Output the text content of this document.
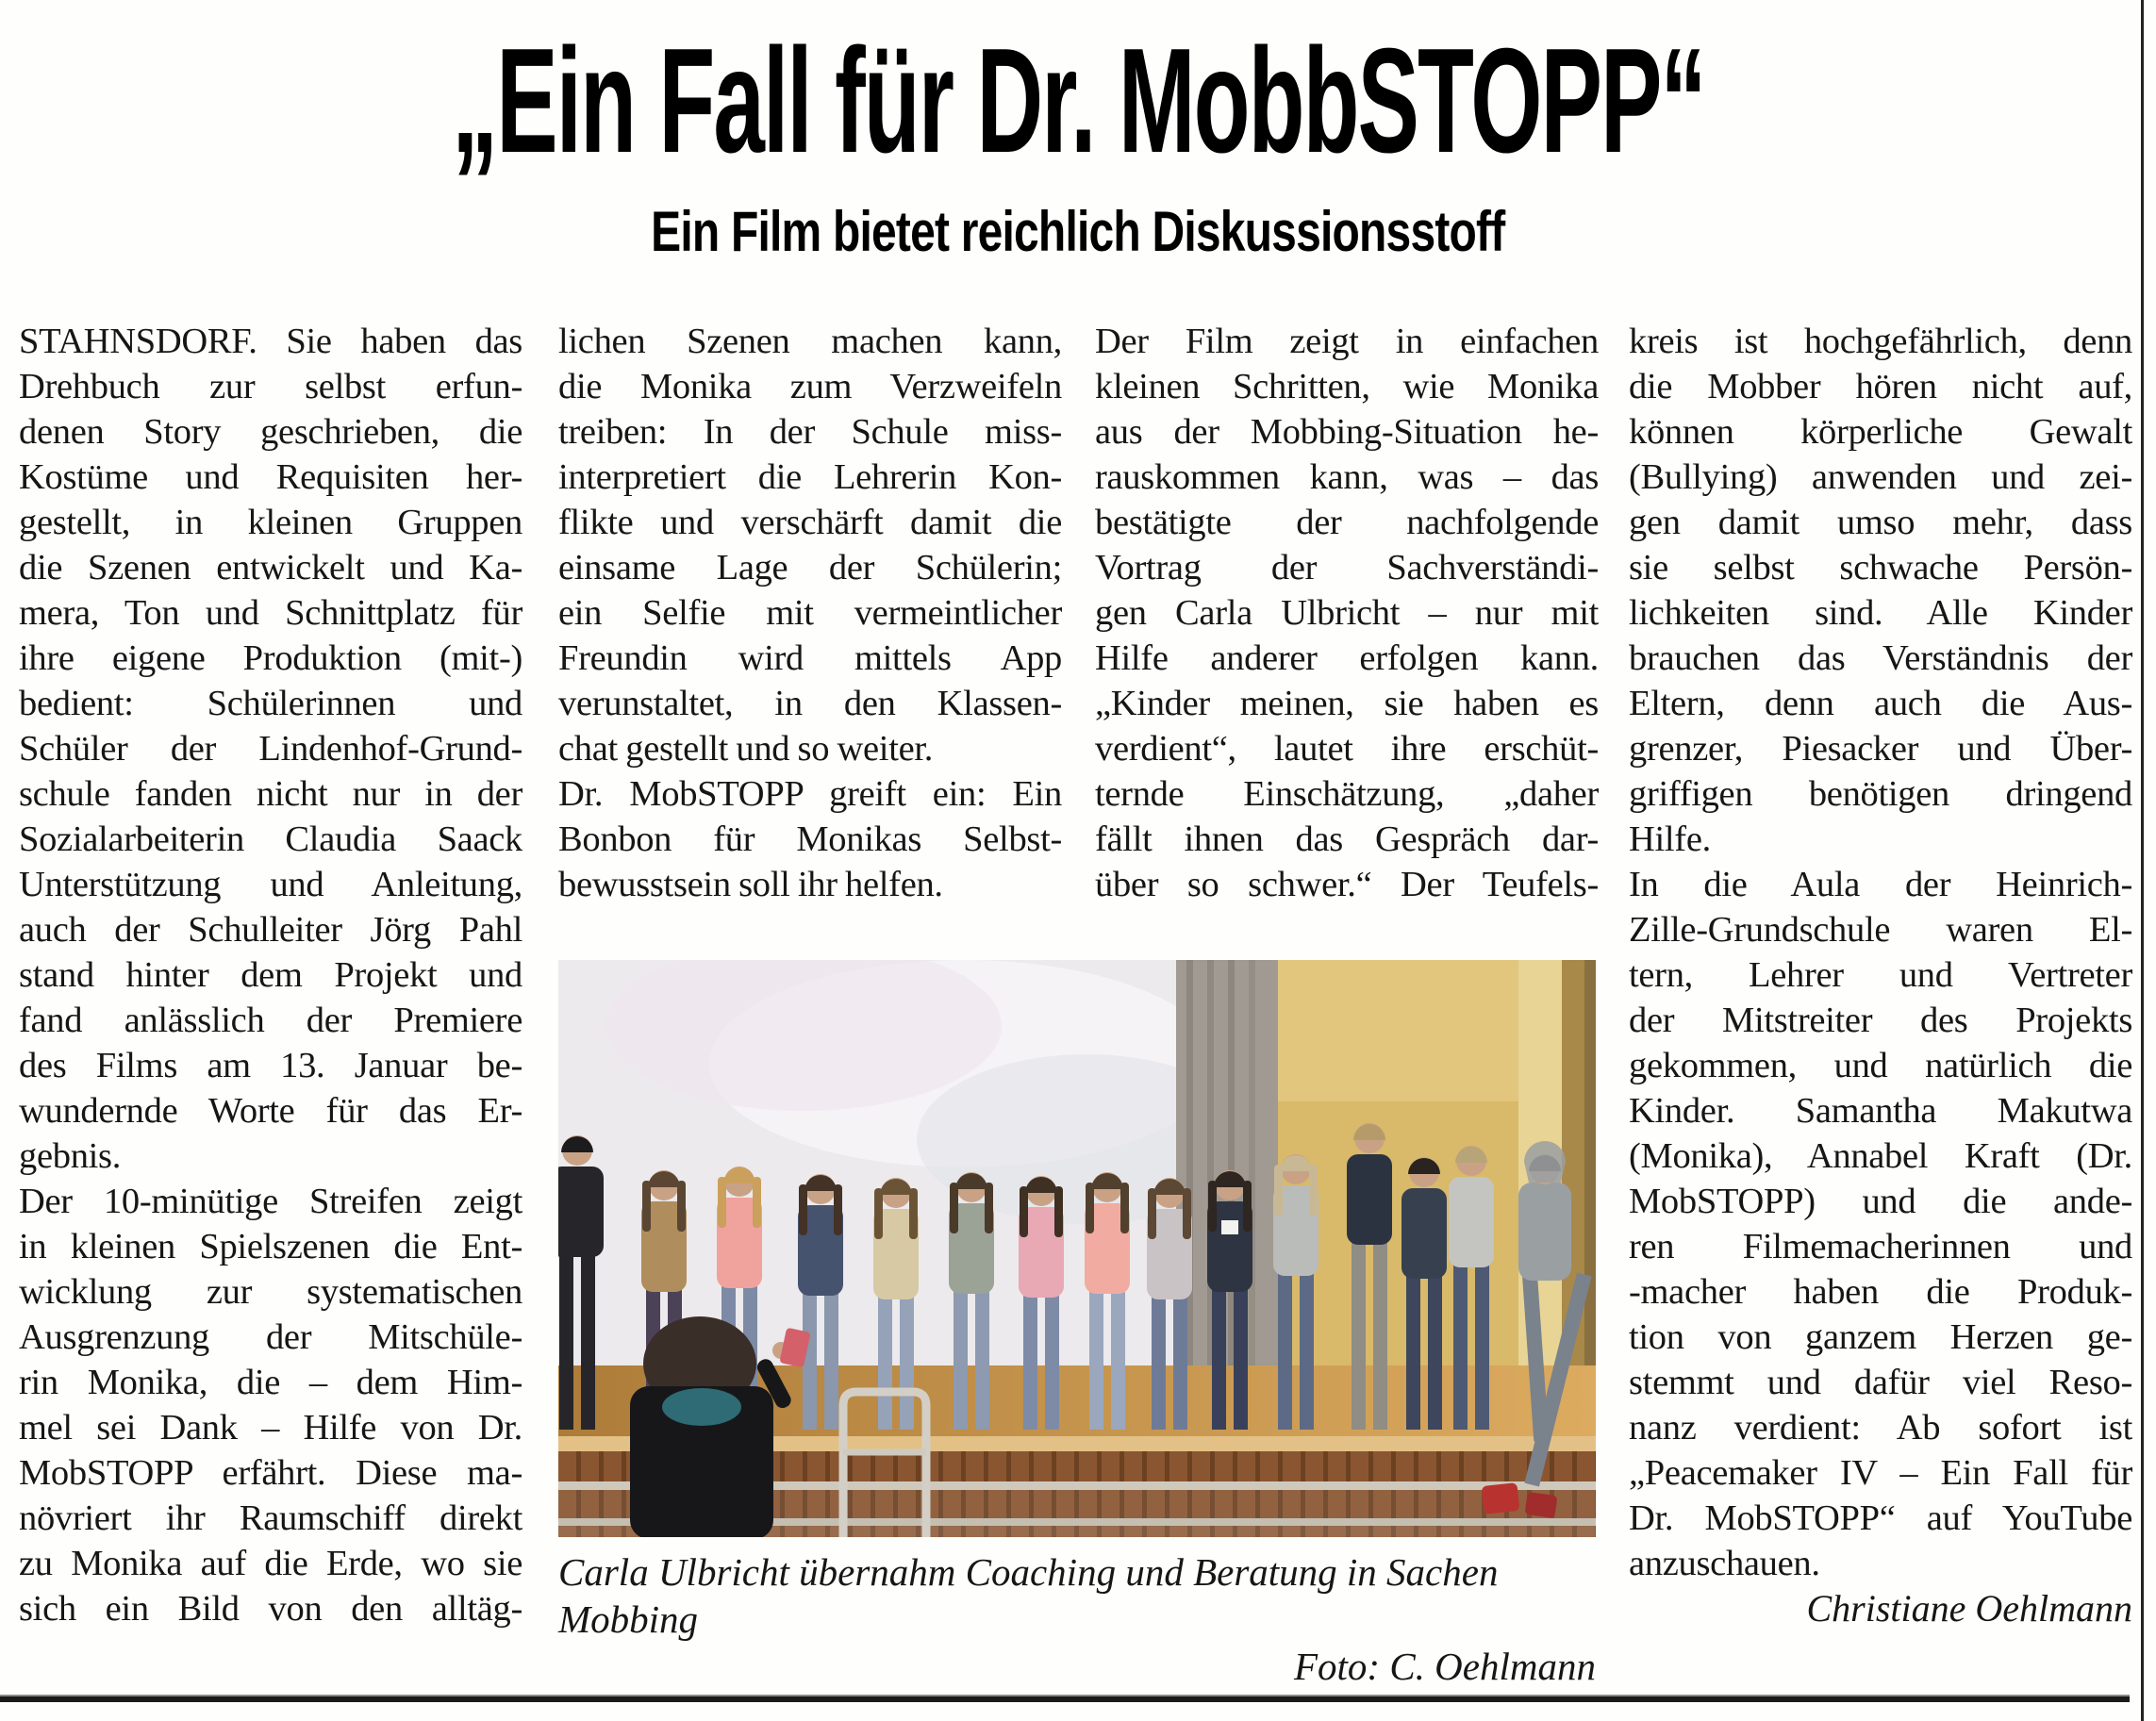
„Ein Fall für Dr. MobbSTOPP“
Ein Film bietet reichlich Diskussionsstoff
STAHNSDORF. Sie haben das
Drehbuch zur selbst erfun-
denen Story geschrieben, die
Kostüme und Requisiten her-
gestellt, in kleinen Gruppen
die Szenen entwickelt und Ka-
mera, Ton und Schnittplatz für
ihre eigene Produktion (mit-)
bedient: Schülerinnen und
Schüler der Lindenhof-Grund-
schule fanden nicht nur in der
Sozialarbeiterin Claudia Saack
Unterstützung und Anleitung,
auch der Schulleiter Jörg Pahl
stand hinter dem Projekt und
fand anlässlich der Premiere
des Films am 13. Januar be-
wundernde Worte für das Er-
gebnis.
Der 10-minütige Streifen zeigt
in kleinen Spielszenen die Ent-
wicklung zur systematischen
Ausgrenzung der Mitschüle-
rin Monika, die – dem Him-
mel sei Dank – Hilfe von Dr.
MobSTOPP erfährt. Diese ma-
növriert ihr Raumschiff direkt
zu Monika auf die Erde, wo sie
sich ein Bild von den alltäg-
lichen Szenen machen kann,
die Monika zum Verzweifeln
treiben: In der Schule miss-
interpretiert die Lehrerin Kon-
flikte und verschärft damit die
einsame Lage der Schülerin;
ein Selfie mit vermeintlicher
Freundin wird mittels App
verunstaltet, in den Klassen-
chat gestellt und so weiter.
Dr. MobSTOPP greift ein: Ein
Bonbon für Monikas Selbst-
bewusstsein soll ihr helfen.
Der Film zeigt in einfachen
kleinen Schritten, wie Monika
aus der Mobbing-Situation he-
rauskommen kann, was – das
bestätigte der nachfolgende
Vortrag der Sachverständi-
gen Carla Ulbricht – nur mit
Hilfe anderer erfolgen kann.
„Kinder meinen, sie haben es
verdient“, lautet ihre erschüt-
ternde Einschätzung, „daher
fällt ihnen das Gespräch dar-
über so schwer.“ Der Teufels-
kreis ist hochgefährlich, denn
die Mobber hören nicht auf,
können körperliche Gewalt
(Bullying) anwenden und zei-
gen damit umso mehr, dass
sie selbst schwache Persön-
lichkeiten sind. Alle Kinder
brauchen das Verständnis der
Eltern, denn auch die Aus-
grenzer, Piesacker und Über-
griffigen benötigen dringend
Hilfe.
In die Aula der Heinrich-
Zille-Grundschule waren El-
tern, Lehrer und Vertreter
der Mitstreiter des Projekts
gekommen, und natürlich die
Kinder. Samantha Makutwa
(Monika), Annabel Kraft (Dr.
MobSTOPP) und die ande-
ren Filmemacherinnen und
-macher haben die Produk-
tion von ganzem Herzen ge-
stemmt und dafür viel Reso-
nanz verdient: Ab sofort ist
„Peacemaker IV – Ein Fall für
Dr. MobSTOPP“ auf YouTube
anzuschauen.
Christiane Oehlmann
Carla Ulbricht übernahm Coaching und Beratung in Sachen Mobbing
Foto: C. Oehlmann
